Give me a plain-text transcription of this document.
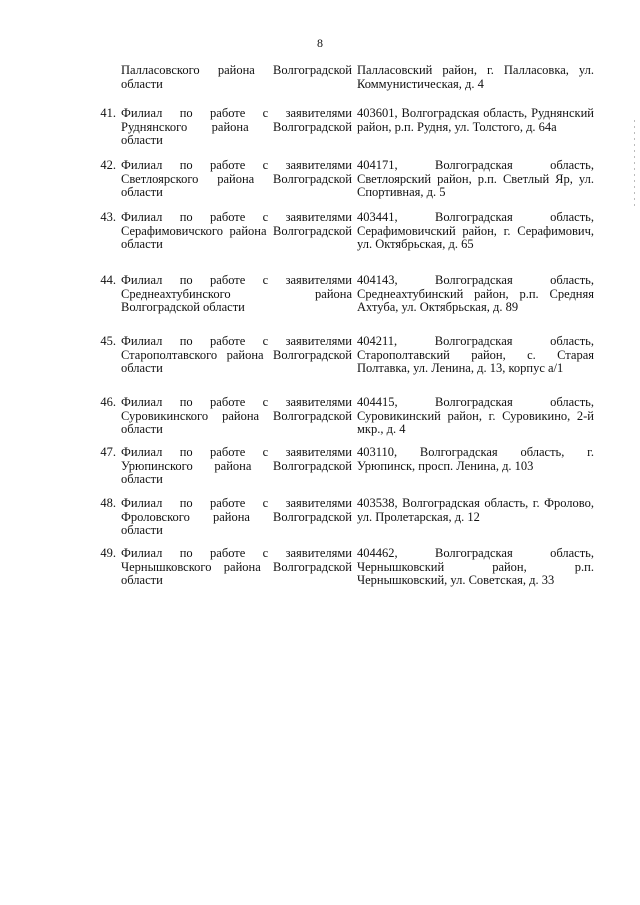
8
Палласовского района Волгоградской области
Палласовский район, г. Палласовка, ул. Коммунистическая, д. 4
41. Филиал по работе с заявителями Руднянского района Волгоградской области
403601, Волгоградская область, Руднянский район, р.п. Рудня, ул. Толстого, д. 64а
42. Филиал по работе с заявителями Светлоярского района Волгоградской области
404171, Волгоградская область, Светлоярский район, р.п. Светлый Яр, ул. Спортивная, д. 5
43. Филиал по работе с заявителями Серафимовичского района Волгоградской области
403441, Волгоградская область, Серафимовичский район, г. Серафимович, ул. Октябрьская, д. 65
44. Филиал по работе с заявителями Среднеахтубинского района Волгоградской области
404143, Волгоградская область, Среднеахтубинский район, р.п. Средняя Ахтуба, ул. Октябрьская, д. 89
45. Филиал по работе с заявителями Старополтавского района Волгоградской области
404211, Волгоградская область, Старополтавский район, с. Старая Полтавка, ул. Ленина, д. 13, корпус а/1
46. Филиал по работе с заявителями Суровикинского района Волгоградской области
404415, Волгоградская область, Суровикинский район, г. Суровикино, 2-й мкр., д. 4
47. Филиал по работе с заявителями Урюпинского района Волгоградской области
403110, Волгоградская область, г. Урюпинск, просп. Ленина, д. 103
48. Филиал по работе с заявителями Фроловского района Волгоградской области
403538, Волгоградская область, г. Фролово, ул. Пролетарская, д. 12
49. Филиал по работе с заявителями Чернышковского района Волгоградской области
404462, Волгоградская область, Чернышковский район, р.п. Чернышковский, ул. Советская, д. 33
